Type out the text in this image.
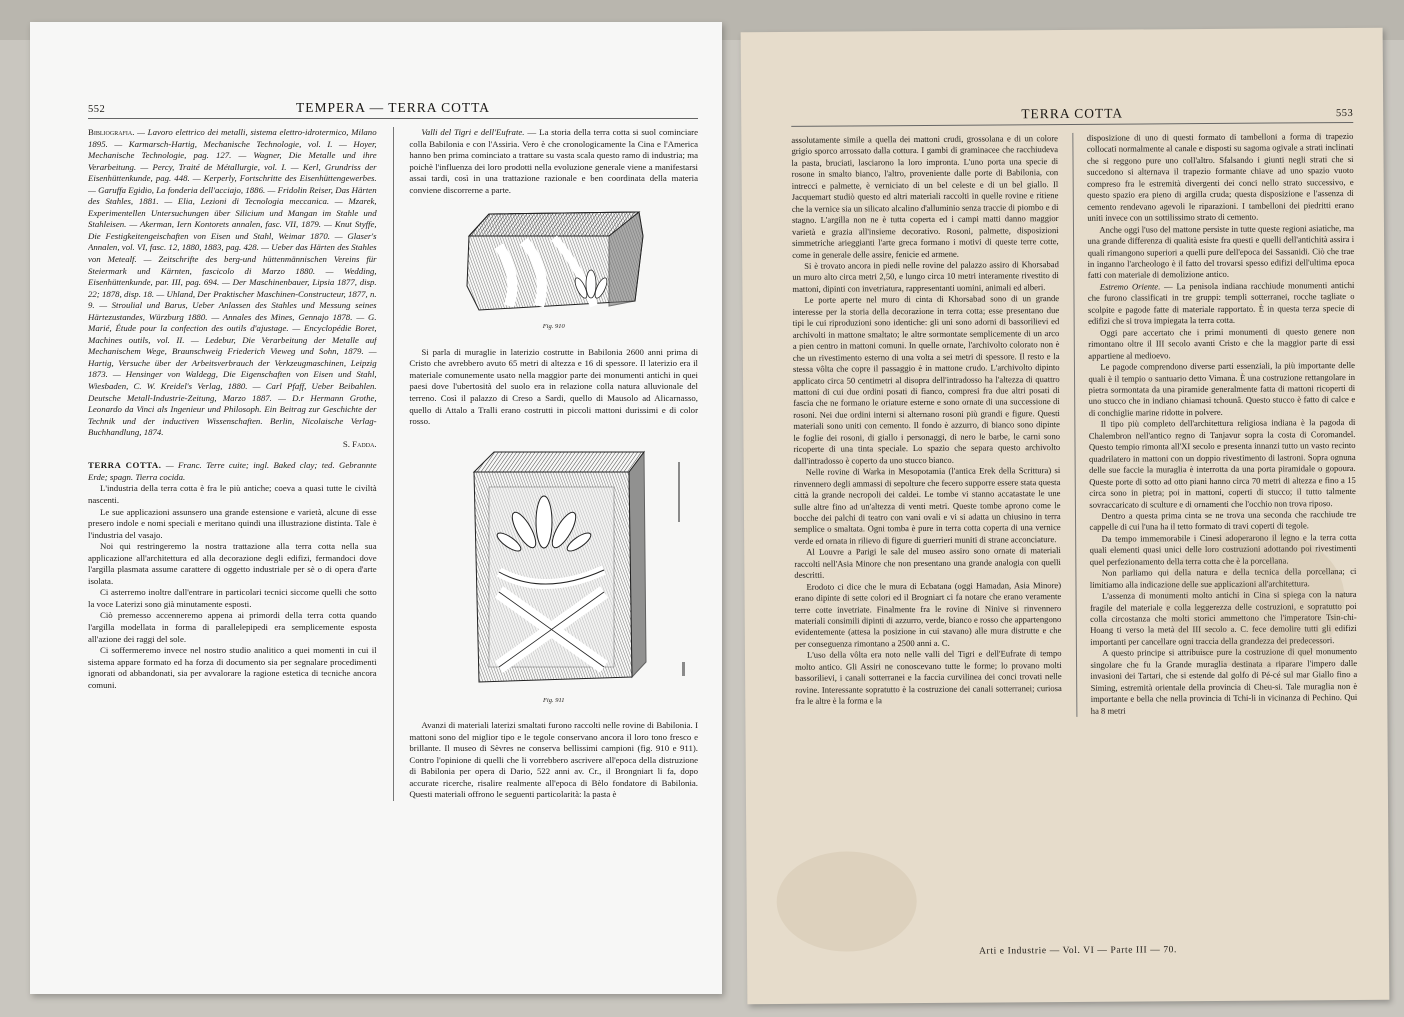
552	TEMPERA — TERRA COTTA

Bibliografia. — Lavoro elettrico dei metalli, sistema elettro-idrotermico, Milano 1895. — Karmarsch-Hartig, Mechanische Technologie, vol. I. — Hoyer, Mechanische Technologie, pag. 127. — Wagner, Die Metalle und ihre Verarbeitung. — Percy, Traité de Métallurgie, vol. I. — Kerl, Grundriss der Eisenhüttenkunde, pag. 448. — Kerperly, Fortschritte des Eisenhüttengewerbes. — Garuffa Egidio, La fonderia dell'acciajo, 1886. — Fridolin Reiser, Das Härten des Stahles, 1881. — Elia, Lezioni di Tecnologia meccanica. — Mzarek, Experimentellen Untersuchungen über Silicium und Mangan im Stahle und Stahleisen. — Akerman, Iern Kontorets annalen, fasc. VII, 1879. — Knut Styffe, Die Festigkeitengeischaften von Eisen und Stahl, Weimar 1870. — Glaser's Annalen, vol. VI, fasc. 12, 1880, 1883, pag. 428. — Ueber das Härten des Stahles von Metealf. — Zeitschrifte des berg-und hüttenmännischen Vereins für Steiermark und Kärnten, fascicolo di Marzo 1880. — Wedding, Eisenhüttenkunde, par. III, pag. 694. — Der Maschinenbauer, Lipsia 1877, disp. 22; 1878, disp. 18. — Uhland, Der Praktischer Maschinen-Constructeur, 1877, n. 9. — Stroulial und Barus, Ueber Anlassen des Stahles und Messung seines Härtezustandes, Würzburg 1880. — Annales des Mines, Gennajo 1878. — G. Marié, Étude pour la confection des outils d'ajustage. — Encyclopédie Boret, Machines outils, vol. II. — Ledebur, Die Verarbeitung der Metalle auf Mechanischem Wege, Braunschweig Friederich Vieweg und Sohn, 1879. — Hartig, Versuche über der Arbeitsverbrauch der Verkzeugmaschinen, Leipzig 1873. — Hensinger von Waldegg, Die Eigenschaften von Eisen und Stahl, Wiesbaden, C. W. Kreidel's Verlag, 1880. — Carl Pfaff, Ueber Beibahlen. Deutsche Metall-Industrie-Zeitung, Marzo 1887. — D.r Hermann Grothe, Leonardo da Vinci als Ingenieur und Philosoph. Ein Beitrag zur Geschichte der Technik und der inductiven Wissenschaften. Berlin, Nicolaische Verlag-Buchhandlung, 1874.

S. Fadda.

TERRA COTTA. — Franc. Terre cuite; ingl. Baked clay; ted. Gebrannte Erde; spagn. Tierra cocida.

L'industria della terra cotta è fra le più antiche; coeva a quasi tutte le civiltà nascenti.

Le sue applicazioni assunsero una grande estensione e varietà, alcune di esse presero indole e nomi speciali e meritano quindi una illustrazione distinta. Tale è l'industria del vasajo.

Noi qui restringeremo la nostra trattazione alla terra cotta nella sua applicazione all'architettura ed alla decorazione degli edifizi, fermandoci dove l'argilla plasmata assume carattere di oggetto industriale per sè o di opera d'arte isolata.

Ci asterremo inoltre dall'entrare in particolari tecnici siccome quelli che sotto la voce Laterizi sono già minutamente esposti.

Ciò premesso accenneremo appena ai primordi della terra cotta quando l'argilla modellata in forma di parallelepipedi era semplicemente esposta all'azione dei raggi del sole.

Ci soffermeremo invece nel nostro studio analitico a quei momenti in cui il sistema appare formato ed ha forza di documento sia per segnalare procedimenti ignorati od abbandonati, sia per avvalorare la ragione estetica di tecniche ancora comuni.

Valli del Tigri e dell'Eufrate. — La storia della terra cotta si suol cominciare colla Babilonia e con l'Assiria. Vero è che cronologicamente la Cina e l'America hanno ben prima cominciato a trattare su vasta scala questo ramo di industria; ma poichè l'influenza dei loro prodotti nella evoluzione generale viene a manifestarsi assai tardi, così in una trattazione razionale e ben coordinata della materia conviene discorrerne a parte.

Fig. 910

Si parla di muraglie in laterizio costrutte in Babilonia 2600 anni prima di Cristo che avrebbero avuto 65 metri di altezza e 16 di spessore. Il laterizio era il materiale comunemente usato nella maggior parte dei monumenti antichi in quei paesi dove l'ubertosità del suolo era in relazione colla natura alluvionale del terreno. Così il palazzo di Creso a Sardi, quello di Mausolo ad Alicarnasso, quello di Attalo a Tralli erano costrutti in piccoli mattoni durissimi e di color rosso.

Fig. 911

Avanzi di materiali laterizi smaltati furono raccolti nelle rovine di Babilonia. I mattoni sono del miglior tipo e le tegole conservano ancora il loro tono fresco e brillante. Il museo di Sèvres ne conserva bellissimi campioni (fig. 910 e 911). Contro l'opinione di quelli che li vorrebbero ascrivere all'epoca della distruzione di Babilonia per opera di Dario, 522 anni av. Cr., il Brongniart li fa, dopo accurate ricerche, risalire realmente all'epoca di Bèlo fondatore di Babilonia. Questi materiali offrono le seguenti particolarità: la pasta è

TERRA COTTA	553

assolutamente simile a quella dei mattoni crudi, grossolana e di un colore grigio sporco arrossato dalla cottura. I gambi di graminacee che racchiudeva la pasta, bruciati, lasciarono la loro impronta. L'uno porta una specie di rosone in smalto bianco, l'altro, proveniente dalle porte di Babilonia, con intrecci e palmette, è verniciato di un bel celeste e di un bel giallo. Il Jacquemart studiò questo ed altri materiali raccolti in quelle rovine e ritiene che la vernice sia un silicato alcalino d'alluminio senza traccie di piombo e di stagno. L'argilla non ne è tutta coperta ed i campi matti danno maggior varietà e grazia all'insieme decorativo. Rosoni, palmette, disposizioni simmetriche arieggianti l'arte greca formano i motivi di queste terre cotte, come in generale delle assire, fenicie ed armene.

Si è trovato ancora in piedi nelle rovine del palazzo assiro di Khorsabad un muro alto circa metri 2,50, e lungo circa 10 metri interamente rivestito di mattoni, dipinti con invetriatura, rappresentanti uomini, animali ed alberi.

Le porte aperte nel muro di cinta di Khorsabad sono di un grande interesse per la storia della decorazione in terra cotta; esse presentano due tipi le cui riproduzioni sono identiche: gli uni sono adorni di bassorilievi ed archivolti in mattone smaltato; le altre sormontate semplicemente di un arco a pien centro in mattoni comuni. In quelle ornate, l'archivolto colorato non è che un rivestimento esterno di una volta a sei metri di spessore. Il resto e la stessa vôlta che copre il passaggio è in mattone crudo. L'archivolto dipinto applicato circa 50 centimetri al disopra dell'intradosso ha l'altezza di quattro mattoni di cui due ordini posati di fianco, compresi fra due altri posati di fascia che ne formano le oriature esterne e sono ornate di una successione di rosoni. Nei due ordini interni si alternano rosoni più grandi e figure. Questi materiali sono uniti con cemento. Il fondo è azzurro, di bianco sono dipinte le foglie dei rosoni, di giallo i personaggi, di nero le barbe, le carni sono ricoperte di una tinta speciale. Lo spazio che separa questo archivolto dall'intradosso è coperto da uno stucco bianco.

Nelle rovine di Warka in Mesopotamia (l'antica Erek della Scrittura) si rinvennero degli ammassi di sepolture che fecero supporre essere stata questa città la grande necropoli dei caldei. Le tombe vi stanno accatastate le une sulle altre fino ad un'altezza di venti metri. Queste tombe aprono come le bocche dei palchi di teatro con vani ovali e vi si adatta un chiusino in terra semplice o smaltata. Ogni tomba è pure in terra cotta coperta di una vernice verde ed ornata in rilievo di figure di guerrieri muniti di strane acconciature.

Al Louvre a Parigi le sale del museo assiro sono ornate di materiali raccolti nell'Asia Minore che non presentano una grande analogia con quelli descritti.

Erodoto ci dice che le mura di Ecbatana (oggi Hamadan, Asia Minore) erano dipinte di sette colori ed il Brogniart ci fa notare che erano veramente terre cotte invetriate. Finalmente fra le rovine di Ninive si rinvennero materiali consimili dipinti di azzurro, verde, bianco e rosso che appartengono evidentemente (attesa la posizione in cui stavano) alle mura distrutte e che per conseguenza rimontano a 2500 anni a. C.

L'uso della vôlta era noto nelle valli del Tigri e dell'Eufrate di tempo molto antico. Gli Assiri ne conoscevano tutte le forme; lo provano molti bassorilievi, i canali sotterranei e la faccia curvilinea dei conci trovati nelle rovine. Interessante sopratutto è la costruzione dei canali sotterranei; curiosa fra le altre è la forma e la

disposizione di uno di questi formato di tambelloni a forma di trapezio collocati normalmente al canale e disposti su sagoma ogivale a strati inclinati che si reggono pure uno coll'altro. Sfalsando i giunti negli strati che si succedono si alternava il trapezio formante chiave ad uno spazio vuoto compreso fra le estremità divergenti dei conci nello strato successivo, e questo spazio era pieno di argilla cruda; questa disposizione e l'assenza di cemento rendevano agevoli le riparazioni. I tambelloni dei piedritti erano uniti invece con un sottilissimo strato di cemento.

Anche oggi l'uso del mattone persiste in tutte queste regioni asiatiche, ma una grande differenza di qualità esiste fra questi e quelli dell'antichità assira i quali rimangono superiori a quelli pure dell'epoca dei Sassanidi. Ciò che trae in inganno l'archeologo è il fatto del trovarsi spesso edifizi dell'ultima epoca fatti con materiale di demolizione antico.

Estremo Oriente. — La penisola indiana racchiude monumenti antichi che furono classificati in tre gruppi: templi sotterranei, rocche tagliate o scolpite e pagode fatte di materiale rapportato. È in questa terza specie di edifizi che si trova impiegata la terra cotta.

Oggi pare accertato che i primi monumenti di questo genere non rimontano oltre il III secolo avanti Cristo e che la maggior parte di essi appartiene al medioevo.

Le pagode comprendono diverse parti essenziali, la più importante delle quali è il tempio o santuario detto Vimana. È una costruzione rettangolare in pietra sormontata da una piramide generalmente fatta di mattoni ricoperti di uno stucco che in indiano chiamasi tchounâ. Questo stucco è fatto di calce e di conchiglie marine ridotte in polvere.

Il tipo più completo dell'architettura religiosa indiana è la pagoda di Chalembron nell'antico regno di Tanjavur sopra la costa di Coromandel. Questo tempio rimonta all'XI secolo e presenta innanzi tutto un vasto recinto quadrilatero in mattoni con un doppio rivestimento di lastroni. Sopra ognuna delle sue faccie la muraglia è interrotta da una porta piramidale o gopoura. Queste porte di sotto ad otto piani hanno circa 70 metri di altezza e fino a 15 circa sono in pietra; poi in mattoni, coperti di stucco; il tutto talmente sovraccaricato di sculture e di ornamenti che l'occhio non trova riposo.

Dentro a questa prima cinta se ne trova una seconda che racchiude tre cappelle di cui l'una ha il tetto formato di travi coperti di tegole.

Da tempo immemorabile i Cinesi adoperarono il legno e la terra cotta quali elementi quasi unici delle loro costruzioni adottando poi rivestimenti quel perfezionamento della terra cotta che è la porcellana.

Non parliamo qui della natura e della tecnica della porcellana; ci limitiamo alla indicazione delle sue applicazioni all'architettura.

L'assenza di monumenti molto antichi in Cina si spiega con la natura fragile del materiale e colla leggerezza delle costruzioni, e sopratutto poi colla circostanza che molti storici ammettono che l'imperatore Tsin-chi-Hoang ti verso la metà del III secolo a. C. fece demolire tutti gli edifizi importanti per cancellare ogni traccia della grandezza dei predecessori.

A questo principe si attribuisce pure la costruzione di quel monumento singolare che fu la Grande muraglia destinata a riparare l'impero dalle invasioni dei Tartari, che si estende dal golfo di Pé-cé sul mar Giallo fino a Siming, estremità orientale della provincia di Cheu-si. Tale muraglia non è importante e bella che nella provincia di Tchi-li in vicinanza di Pechino. Qui ha 8 metri

Arti e Industrie — Vol. VI — Parte III — 70.
